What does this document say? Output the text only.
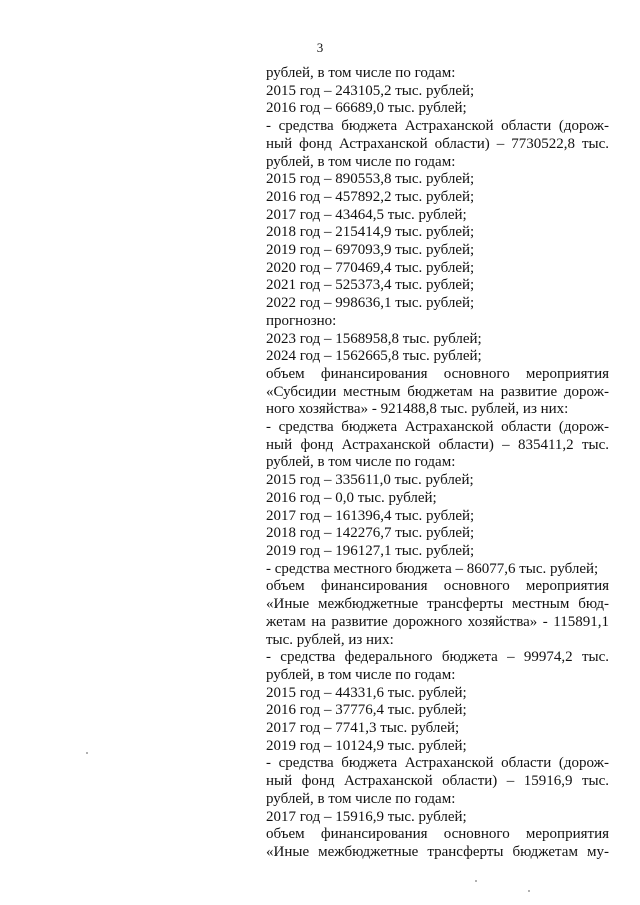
3
рублей, в том числе по годам:
2015 год – 243105,2 тыс. рублей;
2016 год – 66689,0 тыс. рублей;
- средства бюджета Астраханской области (дорож-
ный фонд Астраханской области) – 7730522,8 тыс.
рублей, в том числе по годам:
2015 год – 890553,8 тыс. рублей;
2016 год – 457892,2 тыс. рублей;
2017 год – 43464,5 тыс. рублей;
2018 год – 215414,9 тыс. рублей;
2019 год – 697093,9 тыс. рублей;
2020 год – 770469,4 тыс. рублей;
2021 год – 525373,4 тыс. рублей;
2022 год – 998636,1 тыс. рублей;
прогнозно:
2023 год – 1568958,8 тыс. рублей;
2024 год – 1562665,8 тыс. рублей;
объем финансирования основного мероприятия
«Субсидии местным бюджетам на развитие дорож-
ного хозяйства» - 921488,8 тыс. рублей, из них:
- средства бюджета Астраханской области (дорож-
ный фонд Астраханской области) – 835411,2 тыс.
рублей, в том числе по годам:
2015 год – 335611,0 тыс. рублей;
2016 год – 0,0 тыс. рублей;
2017 год – 161396,4 тыс. рублей;
2018 год – 142276,7 тыс. рублей;
2019 год – 196127,1 тыс. рублей;
- средства местного бюджета – 86077,6 тыс. рублей;
объем финансирования основного мероприятия
«Иные межбюджетные трансферты местным бюд-
жетам на развитие дорожного хозяйства» - 115891,1
тыс. рублей, из них:
- средства федерального бюджета – 99974,2 тыс.
рублей, в том числе по годам:
2015 год – 44331,6 тыс. рублей;
2016 год – 37776,4 тыс. рублей;
2017 год – 7741,3 тыс. рублей;
2019 год – 10124,9 тыс. рублей;
- средства бюджета Астраханской области (дорож-
ный фонд Астраханской области) – 15916,9 тыс.
рублей, в том числе по годам:
2017 год – 15916,9 тыс. рублей;
объем финансирования основного мероприятия
«Иные межбюджетные трансферты бюджетам му-
